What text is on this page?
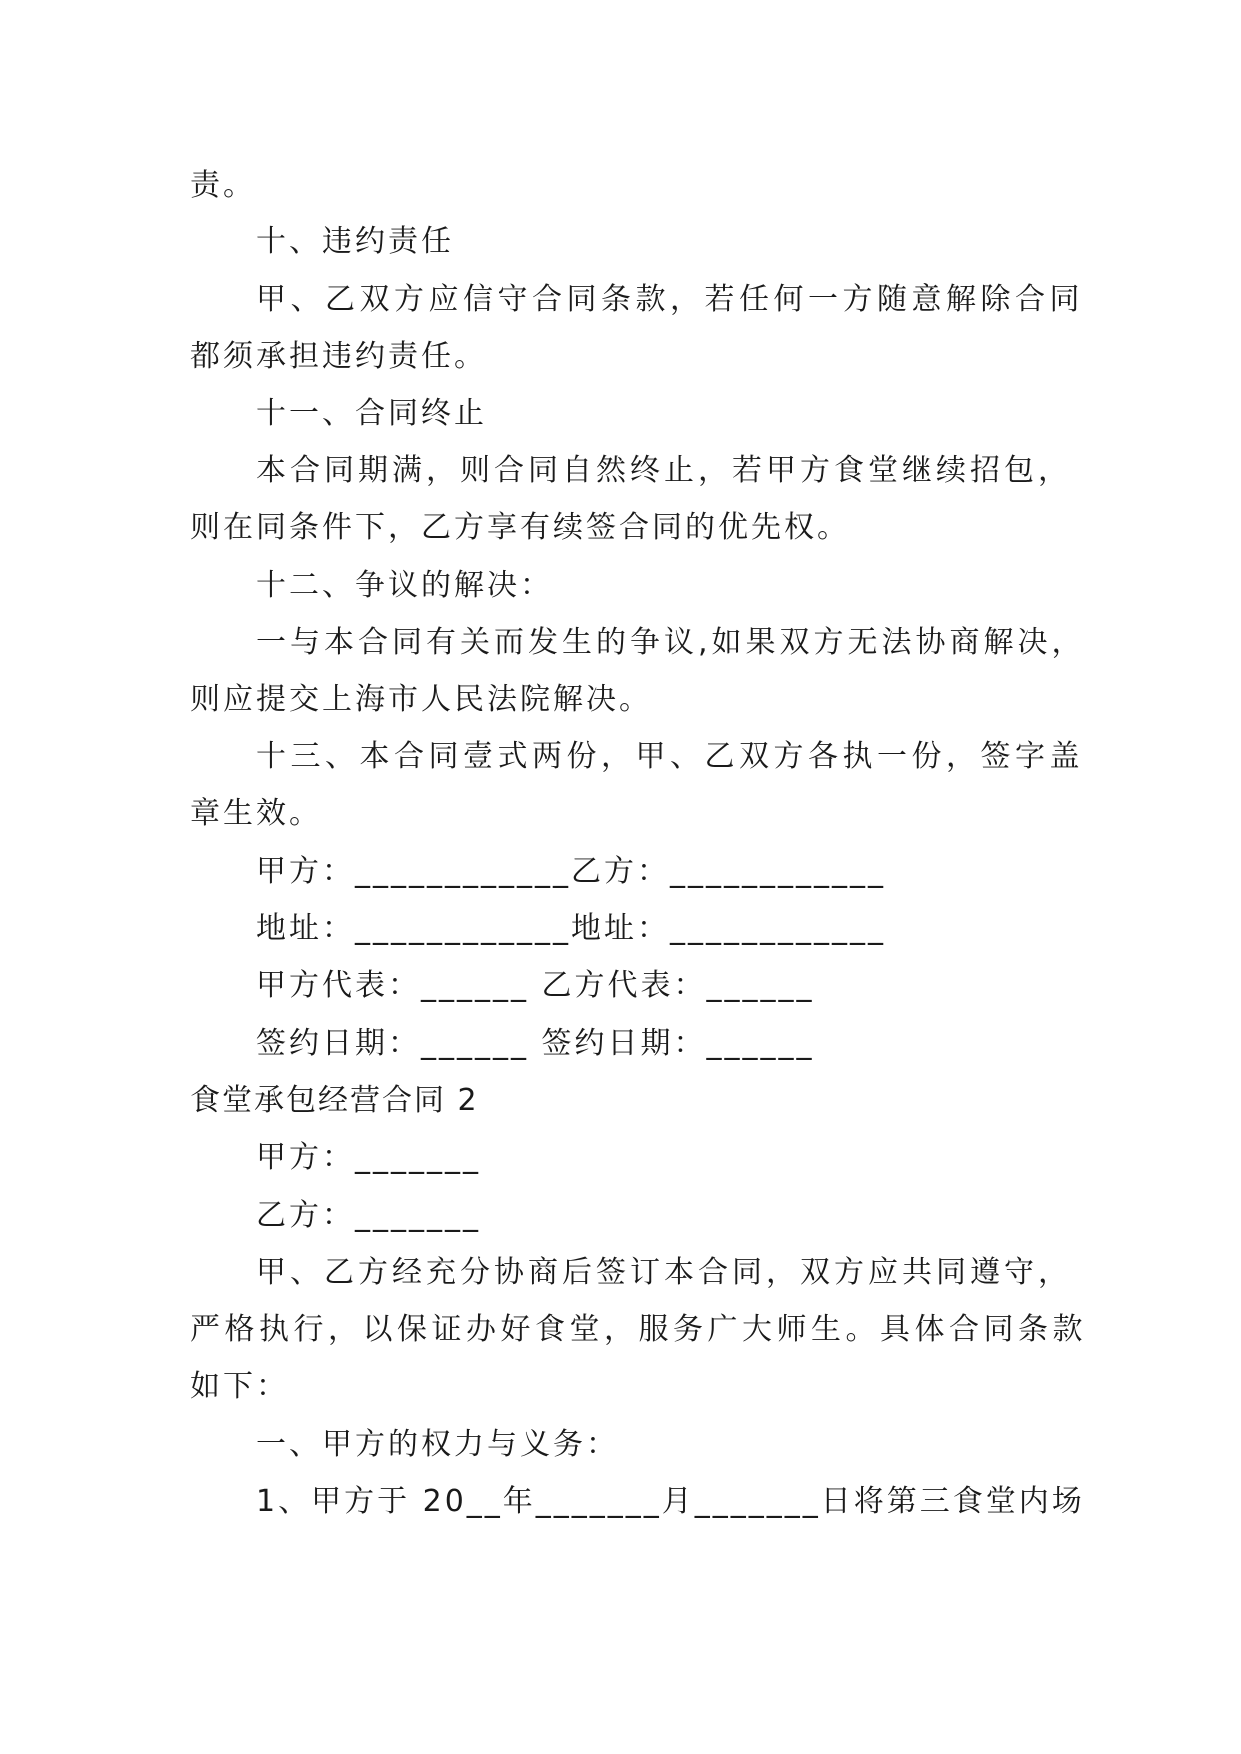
责。
十、违约责任
甲、乙双方应信守合同条款，若任何一方随意解除合同
都须承担违约责任。
十一、合同终止
本合同期满，则合同自然终止，若甲方食堂继续招包，
则在同条件下，乙方享有续签合同的优先权。
十二、争议的解决：
一与本合同有关而发生的争议,如果双方无法协商解决，
则应提交上海市人民法院解决。
十三、本合同壹式两份，甲、乙双方各执一份，签字盖
章生效。
甲方：____________乙方：____________
地址：____________地址：____________
甲方代表：______ 乙方代表：______
签约日期：______ 签约日期：______
食堂承包经营合同 2
甲方：_______
乙方：_______
甲、乙方经充分协商后签订本合同，双方应共同遵守，
严格执行，以保证办好食堂，服务广大师生。具体合同条款
如下：
一、甲方的权力与义务：
1、甲方于 20__年_______月_______日将第三食堂内场
